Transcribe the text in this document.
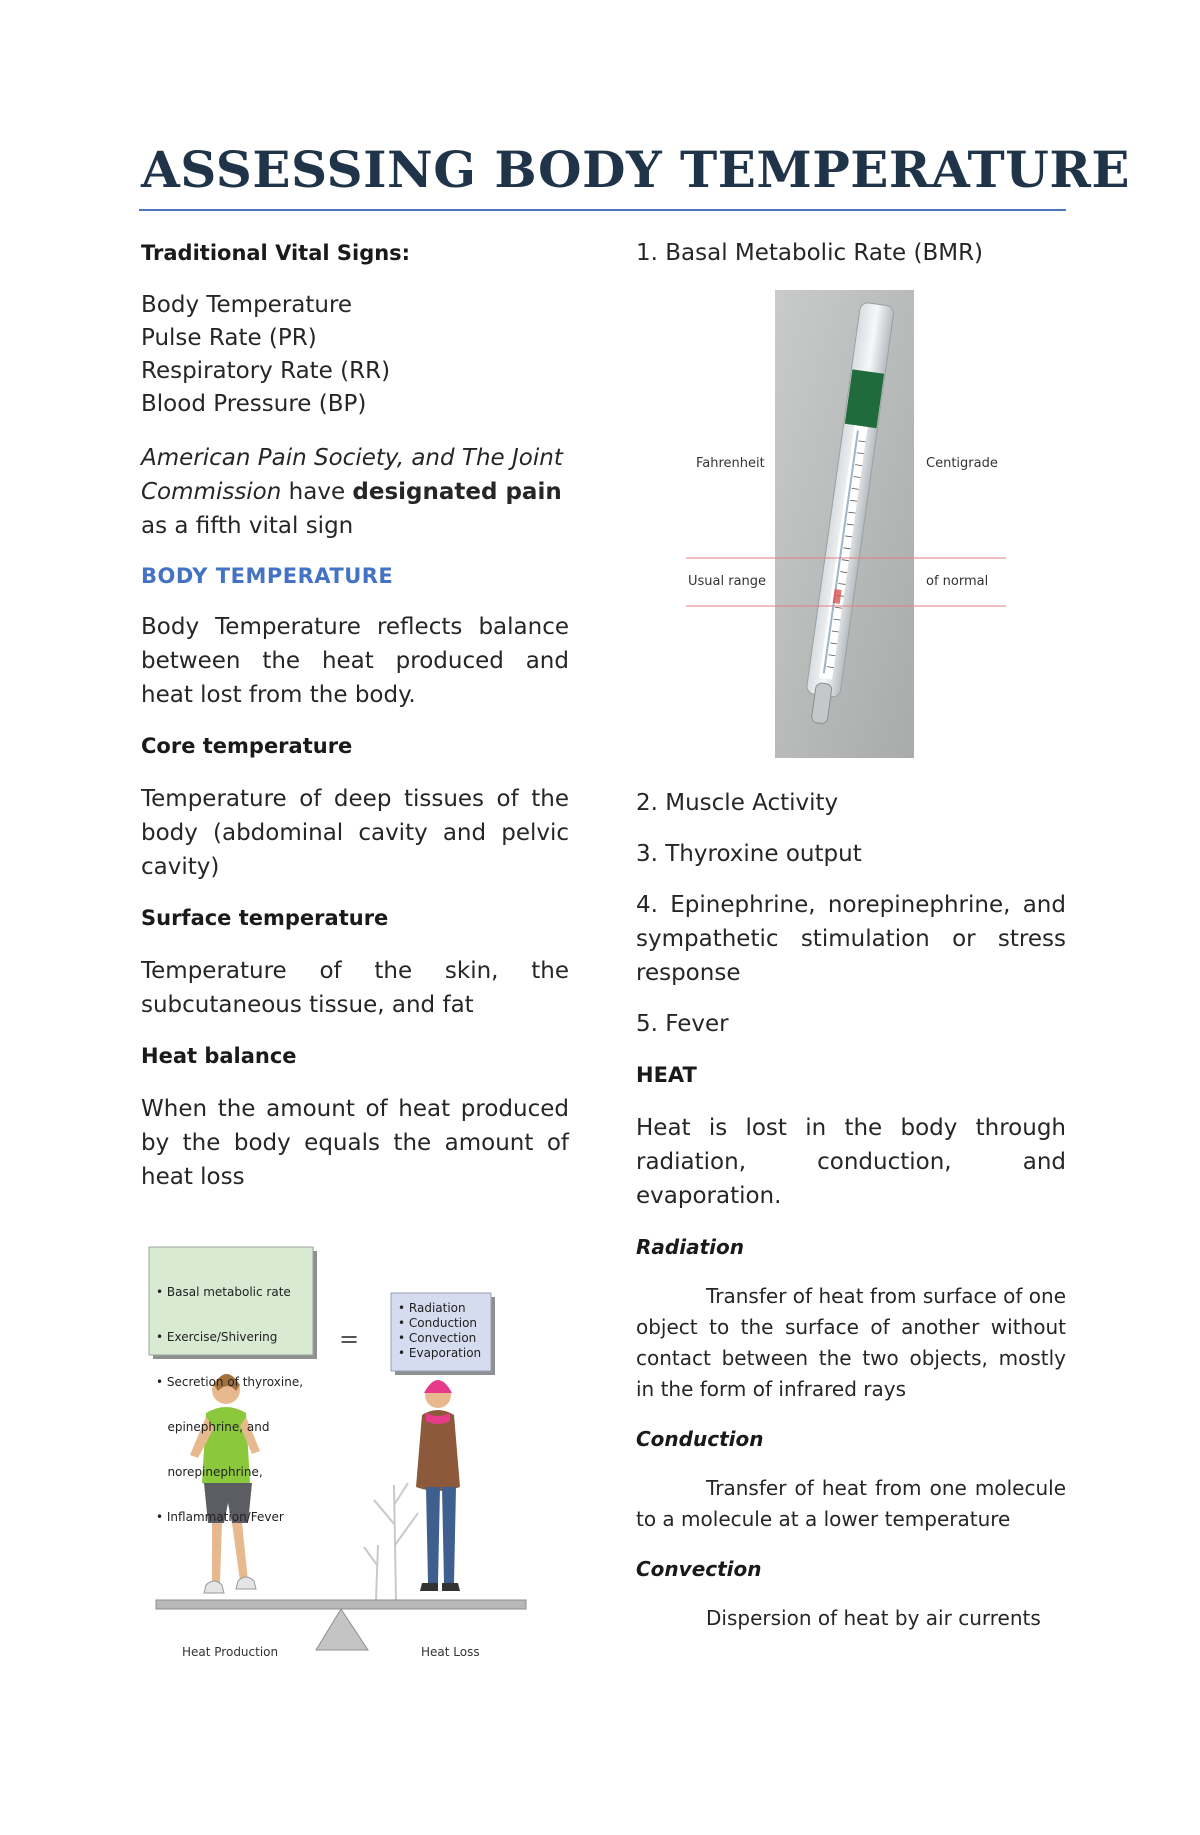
ASSESSING BODY TEMPERATURE

Traditional Vital Signs:

Body Temperature
Pulse Rate (PR)
Respiratory Rate (RR)
Blood Pressure (BP)

American Pain Society, and The Joint Commission have designated pain as a fifth vital sign

BODY TEMPERATURE

Body Temperature reflects balance between the heat produced and heat lost from the body.

Core temperature

Temperature of deep tissues of the body (abdominal cavity and pelvic cavity)

Surface temperature

Temperature of the skin, the subcutaneous tissue, and fat

Heat balance

When the amount of heat produced by the body equals the amount of heat loss

1. Basal Metabolic Rate (BMR)

2. Muscle Activity

3. Thyroxine output

4. Epinephrine, norepinephrine, and sympathetic stimulation or stress response

5. Fever

HEAT

Heat is lost in the body through radiation, conduction, and evaporation.

Radiation

Transfer of heat from surface of one object to the surface of another without contact between the two objects, mostly in the form of infrared rays

Conduction

Transfer of heat from one molecule to a molecule at a lower temperature

Convection

Dispersion of heat by air currents

Fahrenheit	Centigrade
Usual range	of normal

• Basal metabolic rate

• Exercise/Shivering

• Secretion of thyroxine,

epinephrine, and

norepinephrine,

• Inflammation/Fever

=
• Radiation
• Conduction
• Convection
• Evaporation
Heat Production	Heat Loss
